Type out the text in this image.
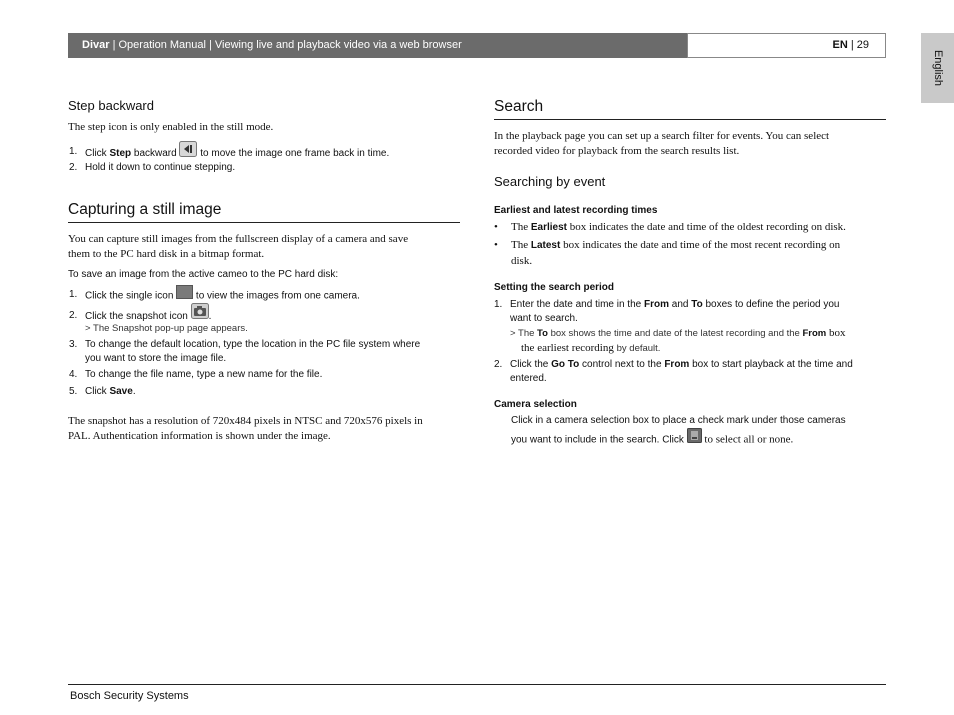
Divar | Operation Manual | Viewing live and playback video via a web browser	EN | 29
English
Step backward
The step icon is only enabled in the still mode.
1. Click Step backward  to move the image one frame back in time.
2. Hold it down to continue stepping.
Capturing a still image
You can capture still images from the fullscreen display of a camera and save
them to the PC hard disk in a bitmap format.
To save an image from the active cameo to the PC hard disk:
1. Click the single icon  to view the images from one camera.
2. Click the snapshot icon .
> The Snapshot pop-up page appears.
3. To change the default location, type the location in the PC file system where
you want to store the image file.
4. To change the file name, type a new name for the file.
5. Click Save.
The snapshot has a resolution of 720x484 pixels in NTSC and 720x576 pixels in
PAL. Authentication information is shown under the image.
Search
In the playback page you can set up a search filter for events. You can select
recorded video for playback from the search results list.
Searching by event
Earliest and latest recording times
• The Earliest box indicates the date and time of the oldest recording on disk.
• The Latest box indicates the date and time of the most recent recording on
disk.
Setting the search period
1. Enter the date and time in the From and To boxes to define the period you
want to search.
> The To box shows the time and date of the latest recording and the From box
the earliest recording by default.
2. Click the Go To control next to the From box to start playback at the time and
entered.
Camera selection
Click in a camera selection box to place a check mark under those cameras
you want to include in the search. Click  to select all or none.
Bosch Security Systems
